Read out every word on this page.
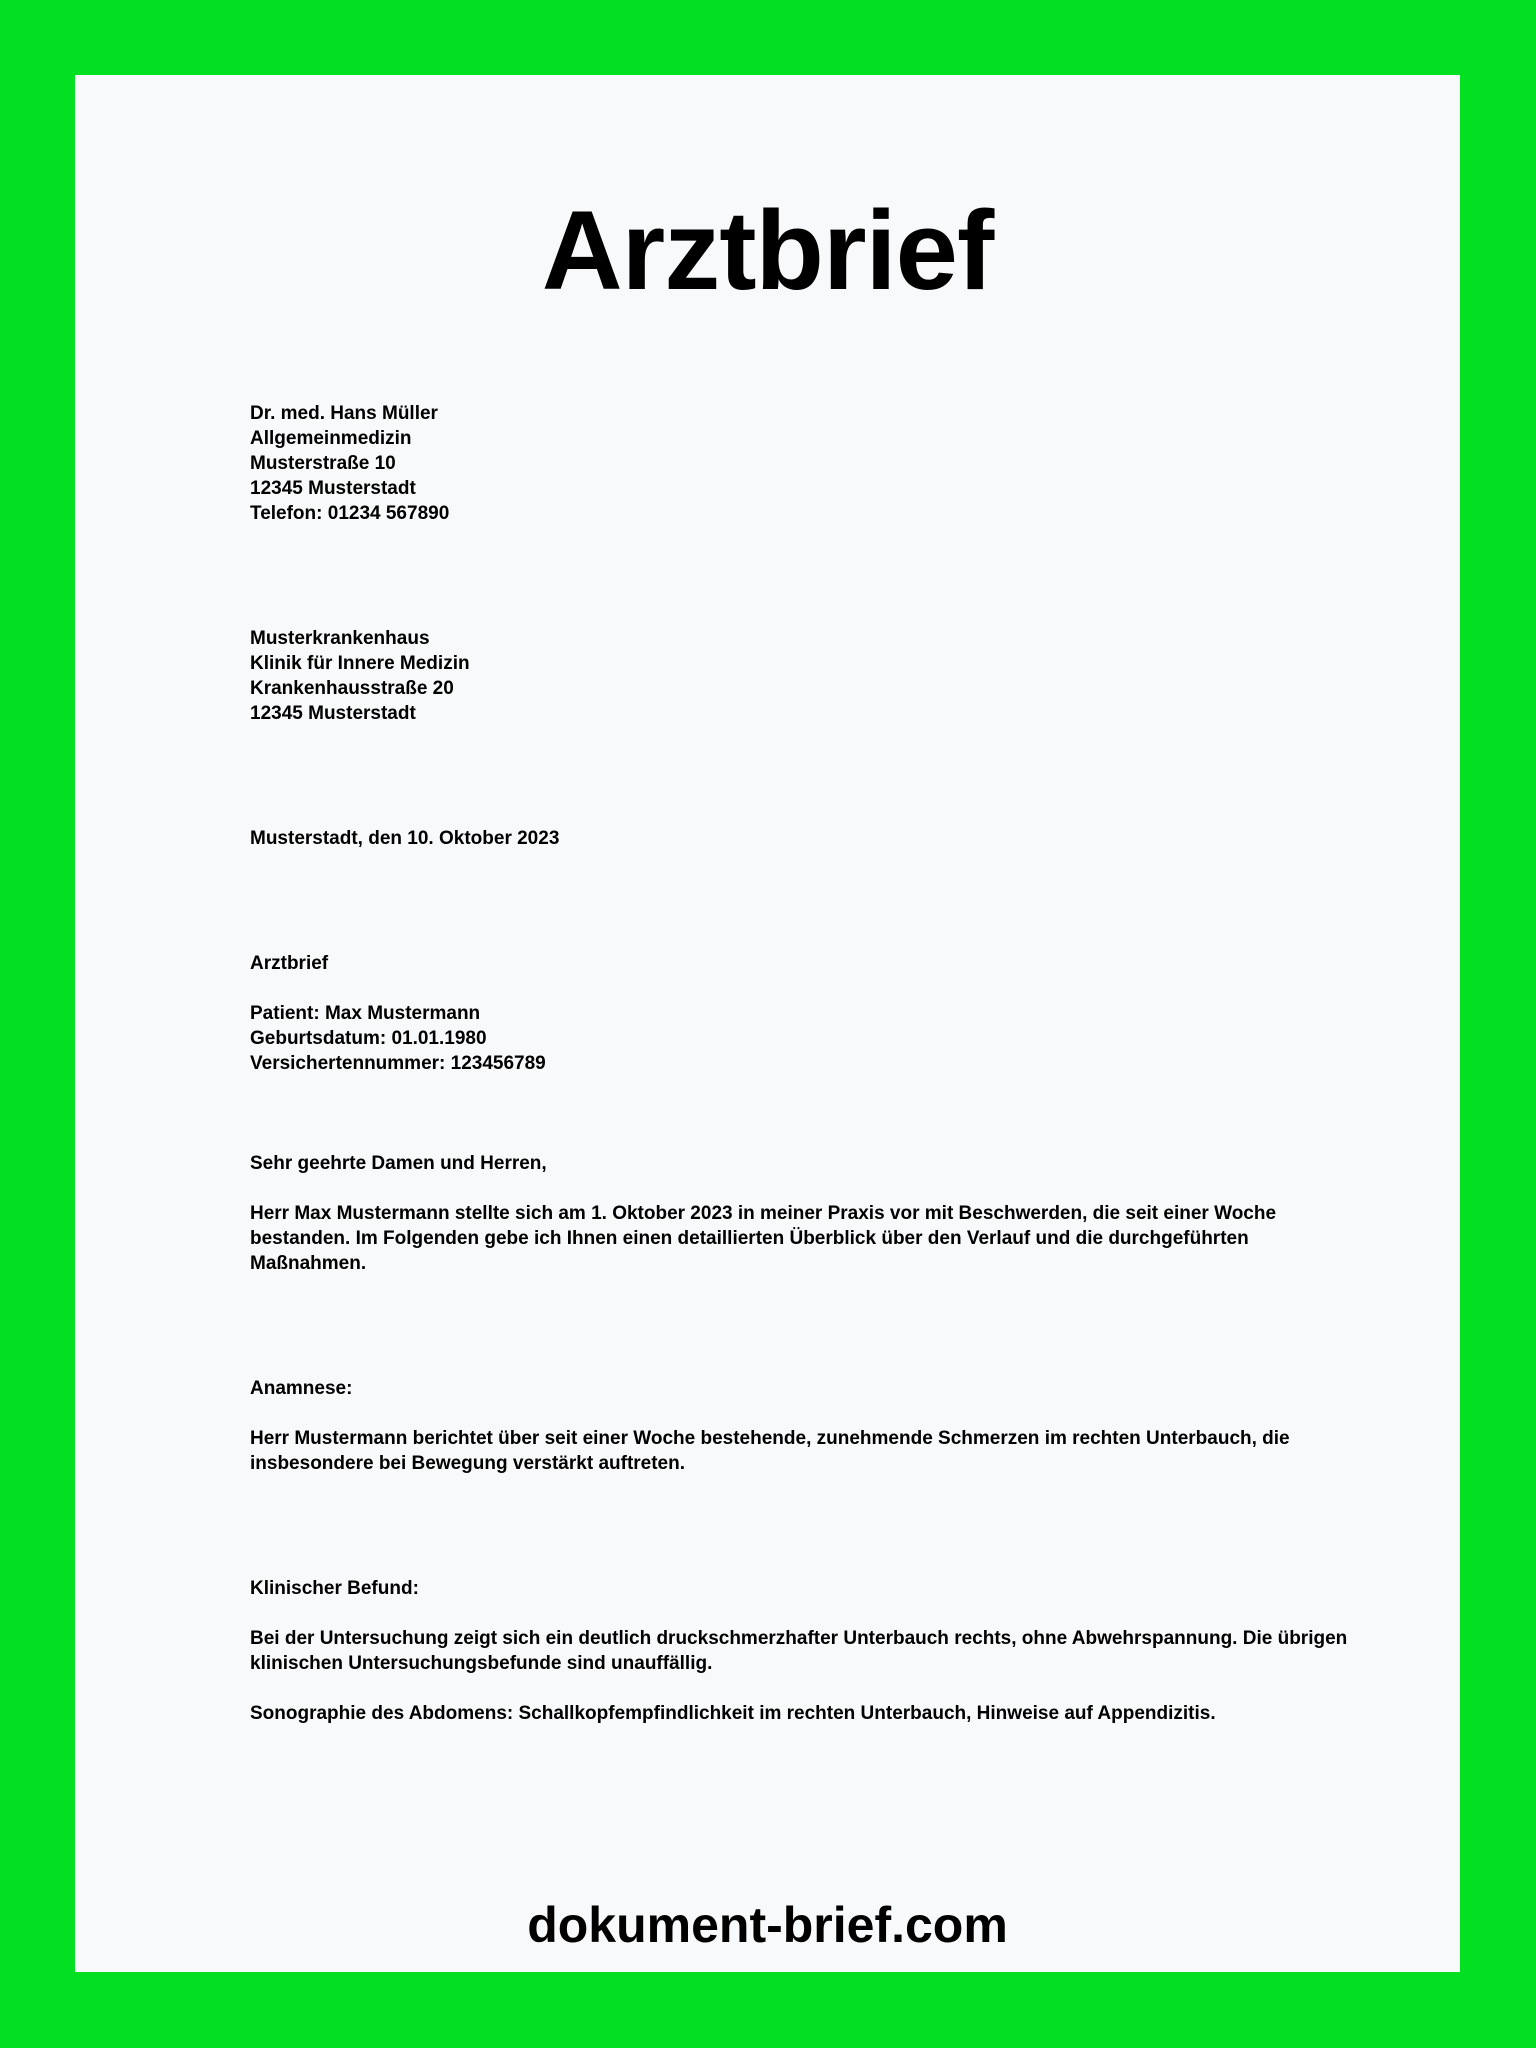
Arztbrief
Dr. med. Hans Müller
Allgemeinmedizin
Musterstraße 10
12345 Musterstadt
Telefon: 01234 567890
Musterkrankenhaus
Klinik für Innere Medizin
Krankenhausstraße 20
12345 Musterstadt
Musterstadt, den 10. Oktober 2023
Arztbrief
Patient: Max Mustermann
Geburtsdatum: 01.01.1980
Versichertennummer: 123456789
Sehr geehrte Damen und Herren,
Herr Max Mustermann stellte sich am 1. Oktober 2023 in meiner Praxis vor mit Beschwerden, die seit einer Woche bestanden. Im Folgenden gebe ich Ihnen einen detaillierten Überblick über den Verlauf und die durchgeführten Maßnahmen.
Anamnese:
Herr Mustermann berichtet über seit einer Woche bestehende, zunehmende Schmerzen im rechten Unterbauch, die insbesondere bei Bewegung verstärkt auftreten.
Klinischer Befund:
Bei der Untersuchung zeigt sich ein deutlich druckschmerzhafter Unterbauch rechts, ohne Abwehrspannung. Die übrigen klinischen Untersuchungsbefunde sind unauffällig.
Sonographie des Abdomens: Schallkopfempfindlichkeit im rechten Unterbauch, Hinweise auf Appendizitis.
dokument-brief.com
